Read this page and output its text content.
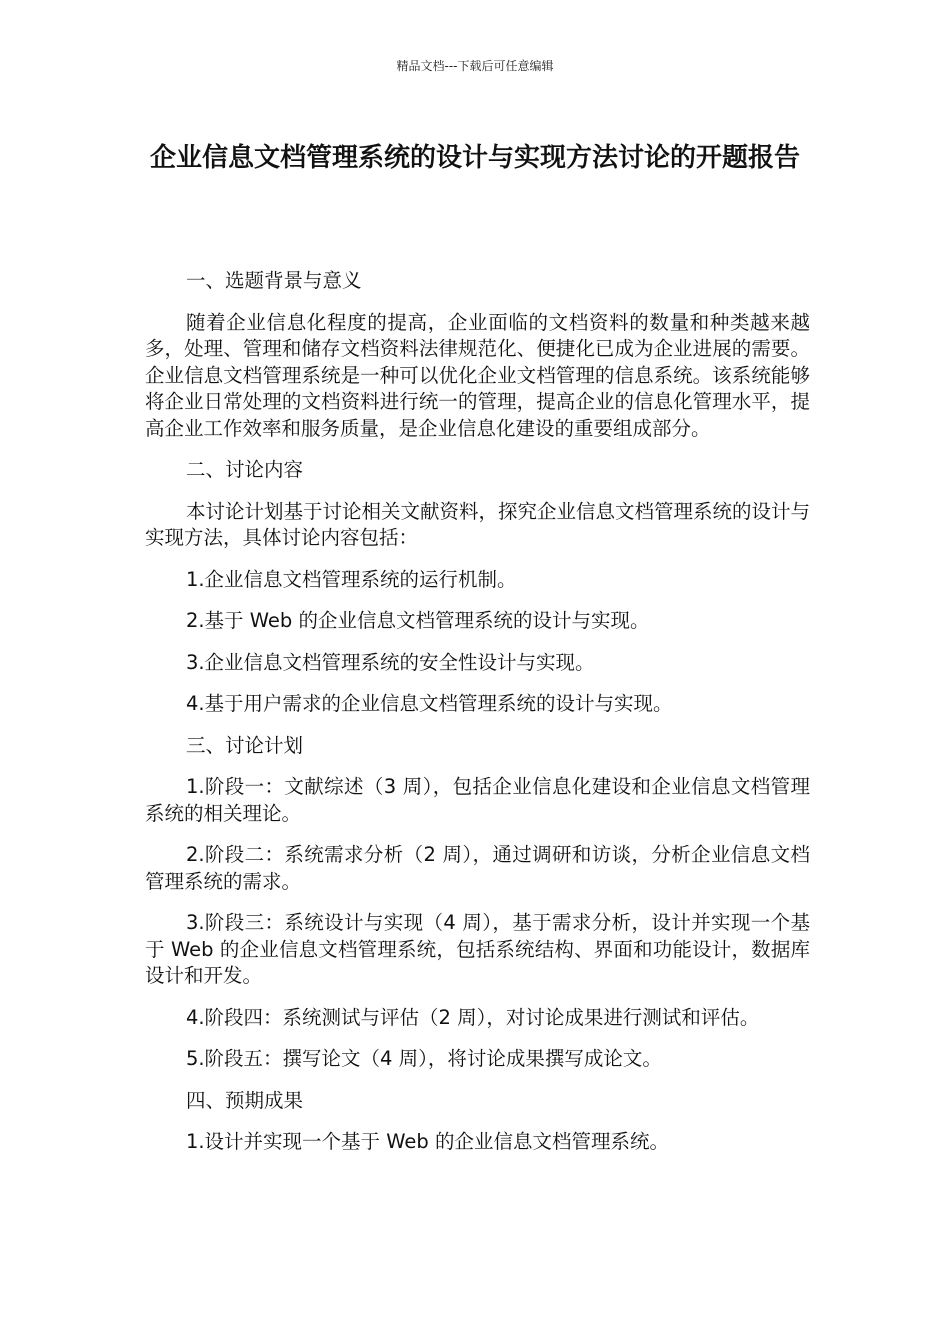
精品文档---下载后可任意编辑
企业信息文档管理系统的设计与实现方法讨论的开题报告

一、选题背景与意义

随着企业信息化程度的提高，企业面临的文档资料的数量和种类越来越多，处理、管理和储存文档资料法律规范化、便捷化已成为企业进展的需要。企业信息文档管理系统是一种可以优化企业文档管理的信息系统。该系统能够将企业日常处理的文档资料进行统一的管理，提高企业的信息化管理水平，提高企业工作效率和服务质量，是企业信息化建设的重要组成部分。

二、讨论内容

本讨论计划基于讨论相关文献资料，探究企业信息文档管理系统的设计与实现方法，具体讨论内容包括：

1.企业信息文档管理系统的运行机制。

2.基于 Web 的企业信息文档管理系统的设计与实现。

3.企业信息文档管理系统的安全性设计与实现。

4.基于用户需求的企业信息文档管理系统的设计与实现。

三、讨论计划

1.阶段一：文献综述（3 周），包括企业信息化建设和企业信息文档管理系统的相关理论。

2.阶段二：系统需求分析（2 周），通过调研和访谈，分析企业信息文档管理系统的需求。

3.阶段三：系统设计与实现（4 周），基于需求分析，设计并实现一个基于 Web 的企业信息文档管理系统，包括系统结构、界面和功能设计，数据库设计和开发。

4.阶段四：系统测试与评估（2 周），对讨论成果进行测试和评估。

5.阶段五：撰写论文（4 周），将讨论成果撰写成论文。

四、预期成果

1.设计并实现一个基于 Web 的企业信息文档管理系统。
